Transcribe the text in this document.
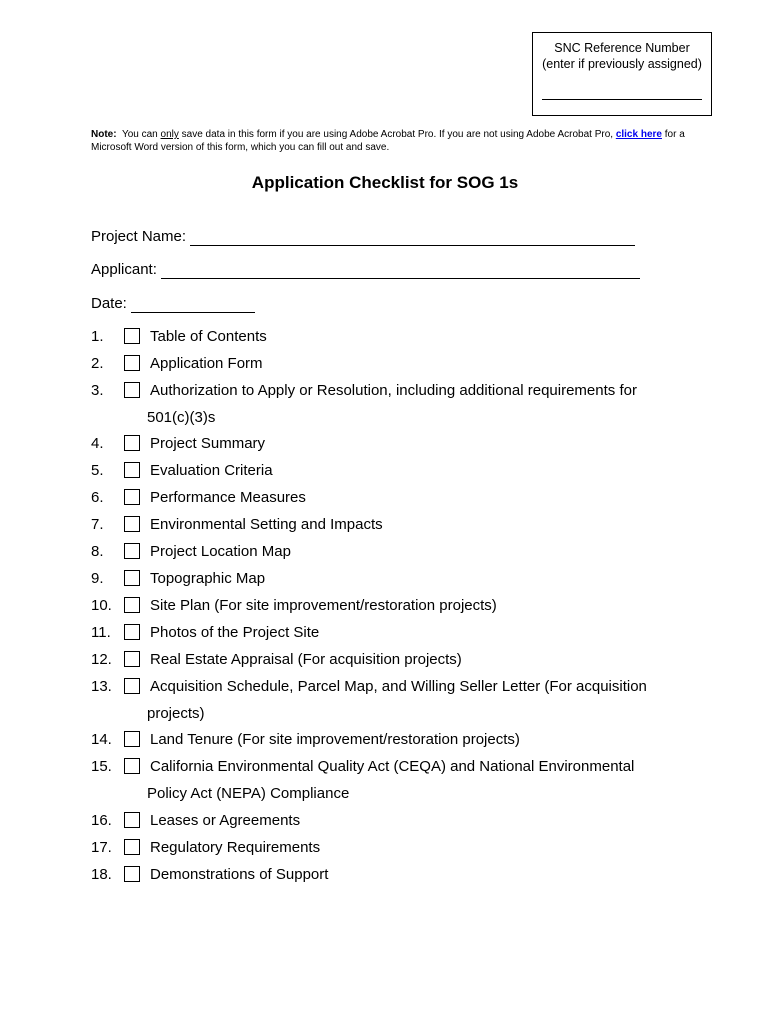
SNC Reference Number
(enter if previously assigned)
Note: You can only save data in this form if you are using Adobe Acrobat Pro. If you are not using Adobe Acrobat Pro, click here for a Microsoft Word version of this form, which you can fill out and save.
Application Checklist for SOG 1s
Project Name:
Applicant:
Date:
1.	Table of Contents
2.	Application Form
3.	Authorization to Apply or Resolution, including additional requirements for
501(c)(3)s
4.	Project Summary
5.	Evaluation Criteria
6.	Performance Measures
7.	Environmental Setting and Impacts
8.	Project Location Map
9.	Topographic Map
10.	Site Plan (For site improvement/restoration projects)
11.	Photos of the Project Site
12.	Real Estate Appraisal (For acquisition projects)
13.	Acquisition Schedule, Parcel Map, and Willing Seller Letter (For acquisition
projects)
14.	Land Tenure (For site improvement/restoration projects)
15.	California Environmental Quality Act (CEQA) and National Environmental
Policy Act (NEPA) Compliance
16.	Leases or Agreements
17.	Regulatory Requirements
18.	Demonstrations of Support
